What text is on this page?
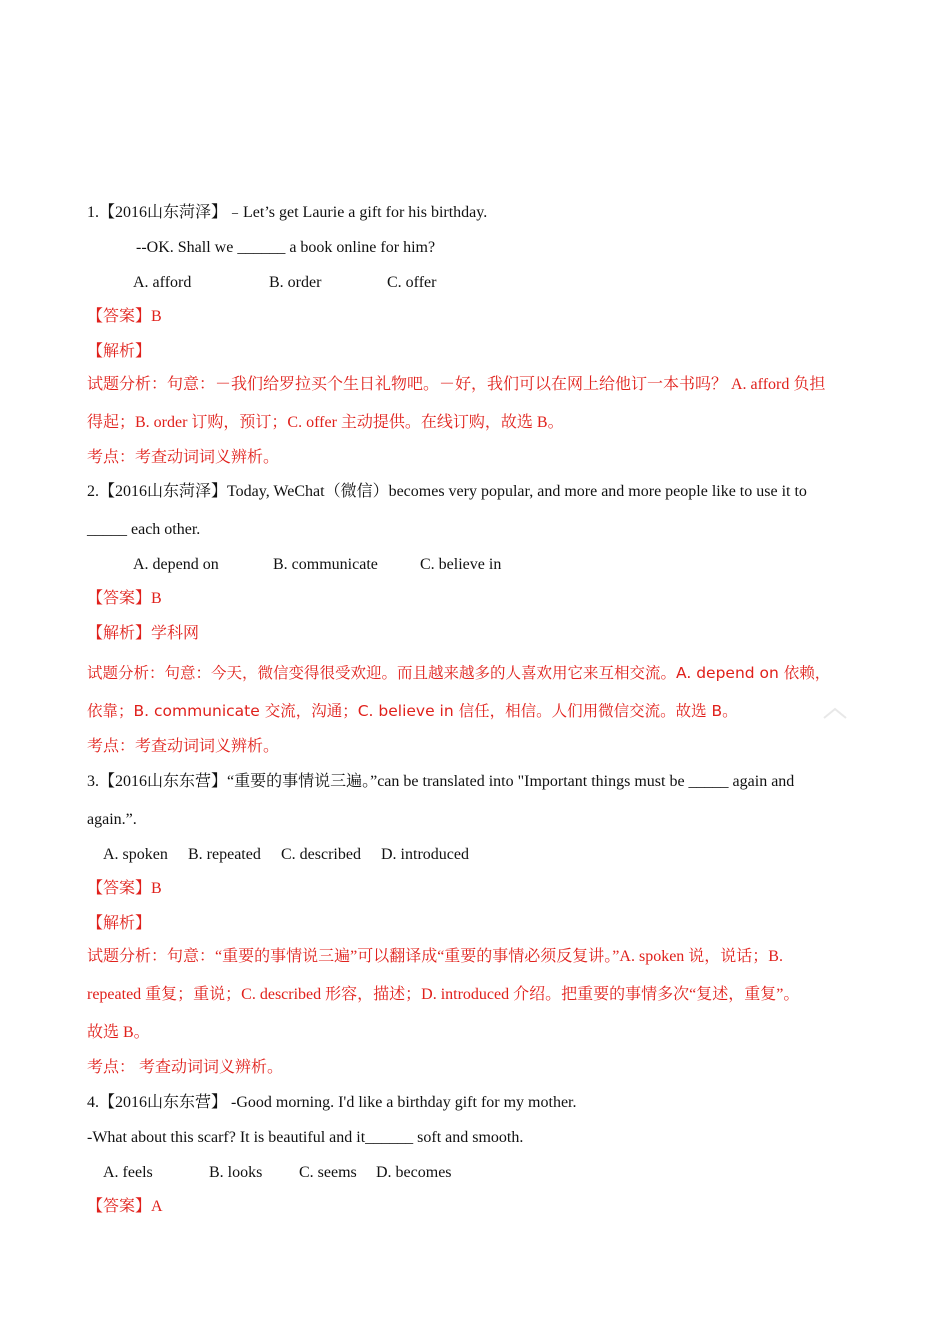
1.【2016山东菏泽】﹣Let’s get Laurie a gift for his birthday.
--OK. Shall we ______ a book online for him?
A. afford	B. order	C. offer
【答案】B
【解析】
试题分析：句意：－我们给罗拉买个生日礼物吧。－好，我们可以在网上给他订一本书吗？ A. afford 负担
得起；B. order 订购，预订；C. offer 主动提供。在线订购，故选 B。
考点：考查动词词义辨析。
2.【2016山东菏泽】Today, WeChat（微信）becomes very popular, and more and more people like to use it to
_____ each other.
A. depend on	B. communicate	C. believe in
【答案】B
【解析】学科网
试题分析：句意：今天，微信变得很受欢迎。而且越来越多的人喜欢用它来互相交流。A. depend on 依赖，
依靠；B. communicate 交流，沟通；C. believe in 信任，相信。人们用微信交流。故选 B。
考点：考查动词词义辨析。
3.【2016山东东营】“重要的事情说三遍。”can be translated into "Important things must be _____ again and
again.”.
A. spoken B. repeated C. described D. introduced
【答案】B
【解析】
试题分析：句意：“重要的事情说三遍”可以翻译成“重要的事情必须反复讲。”A. spoken 说，说话；B.
repeated 重复；重说；C. described 形容，描述；D. introduced 介绍。把重要的事情多次“复述，重复”。
故选 B。
考点： 考查动词词义辨析。
4.【2016山东东营】 -Good morning. I'd like a birthday gift for my mother.
-What about this scarf? It is beautiful and it______ soft and smooth.
A. feels	B. looks C. seems D. becomes
【答案】A
